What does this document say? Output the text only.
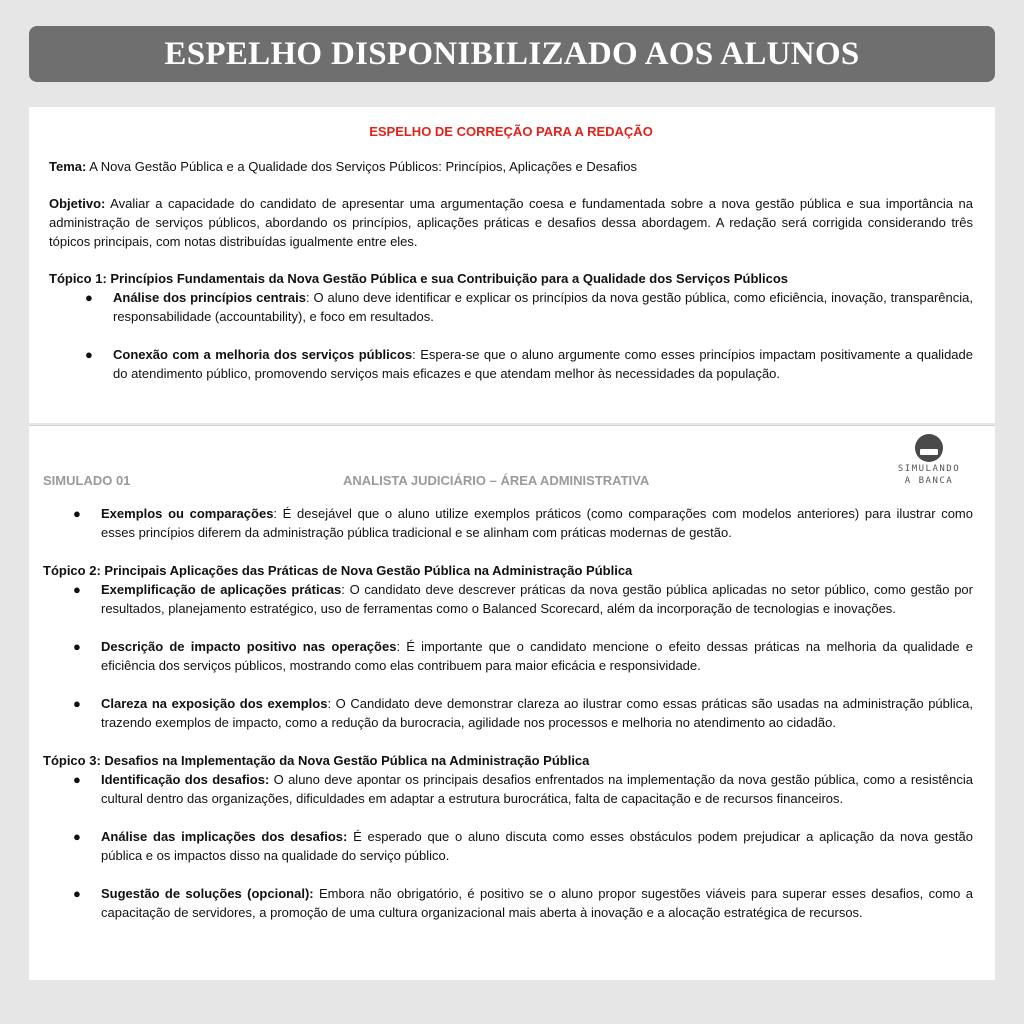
ESPELHO DISPONIBILIZADO AOS ALUNOS
ESPELHO DE CORREÇÃO PARA A REDAÇÃO

Tema: A Nova Gestão Pública e a Qualidade dos Serviços Públicos: Princípios, Aplicações e Desafios

Objetivo: Avaliar a capacidade do candidato de apresentar uma argumentação coesa e fundamentada sobre a nova gestão pública e sua importância na administração de serviços públicos, abordando os princípios, aplicações práticas e desafios dessa abordagem. A redação será corrigida considerando três tópicos principais, com notas distribuídas igualmente entre eles.

Tópico 1: Princípios Fundamentais da Nova Gestão Pública e sua Contribuição para a Qualidade dos Serviços Públicos
● Análise dos princípios centrais: O aluno deve identificar e explicar os princípios da nova gestão pública, como eficiência, inovação, transparência, responsabilidade (accountability), e foco em resultados.
● Conexão com a melhoria dos serviços públicos: Espera-se que o aluno argumente como esses princípios impactam positivamente a qualidade do atendimento público, promovendo serviços mais eficazes e que atendam melhor às necessidades da população.
SIMULADO 01	ANALISTA JUDICIÁRIO – ÁREA ADMINISTRATIVA
SIMULANDO
A BANCA
● Exemplos ou comparações: É desejável que o aluno utilize exemplos práticos (como comparações com modelos anteriores) para ilustrar como esses princípios diferem da administração pública tradicional e se alinham com práticas modernas de gestão.
Tópico 2: Principais Aplicações das Práticas de Nova Gestão Pública na Administração Pública
● Exemplificação de aplicações práticas: O candidato deve descrever práticas da nova gestão pública aplicadas no setor público, como gestão por resultados, planejamento estratégico, uso de ferramentas como o Balanced Scorecard, além da incorporação de tecnologias e inovações.
● Descrição de impacto positivo nas operações: É importante que o candidato mencione o efeito dessas práticas na melhoria da qualidade e eficiência dos serviços públicos, mostrando como elas contribuem para maior eficácia e responsividade.
● Clareza na exposição dos exemplos: O Candidato deve demonstrar clareza ao ilustrar como essas práticas são usadas na administração pública, trazendo exemplos de impacto, como a redução da burocracia, agilidade nos processos e melhoria no atendimento ao cidadão.
Tópico 3: Desafios na Implementação da Nova Gestão Pública na Administração Pública
● Identificação dos desafios: O aluno deve apontar os principais desafios enfrentados na implementação da nova gestão pública, como a resistência cultural dentro das organizações, dificuldades em adaptar a estrutura burocrática, falta de capacitação e de recursos financeiros.
● Análise das implicações dos desafios: É esperado que o aluno discuta como esses obstáculos podem prejudicar a aplicação da nova gestão pública e os impactos disso na qualidade do serviço público.
● Sugestão de soluções (opcional): Embora não obrigatório, é positivo se o aluno propor sugestões viáveis para superar esses desafios, como a capacitação de servidores, a promoção de uma cultura organizacional mais aberta à inovação e a alocação estratégica de recursos.
